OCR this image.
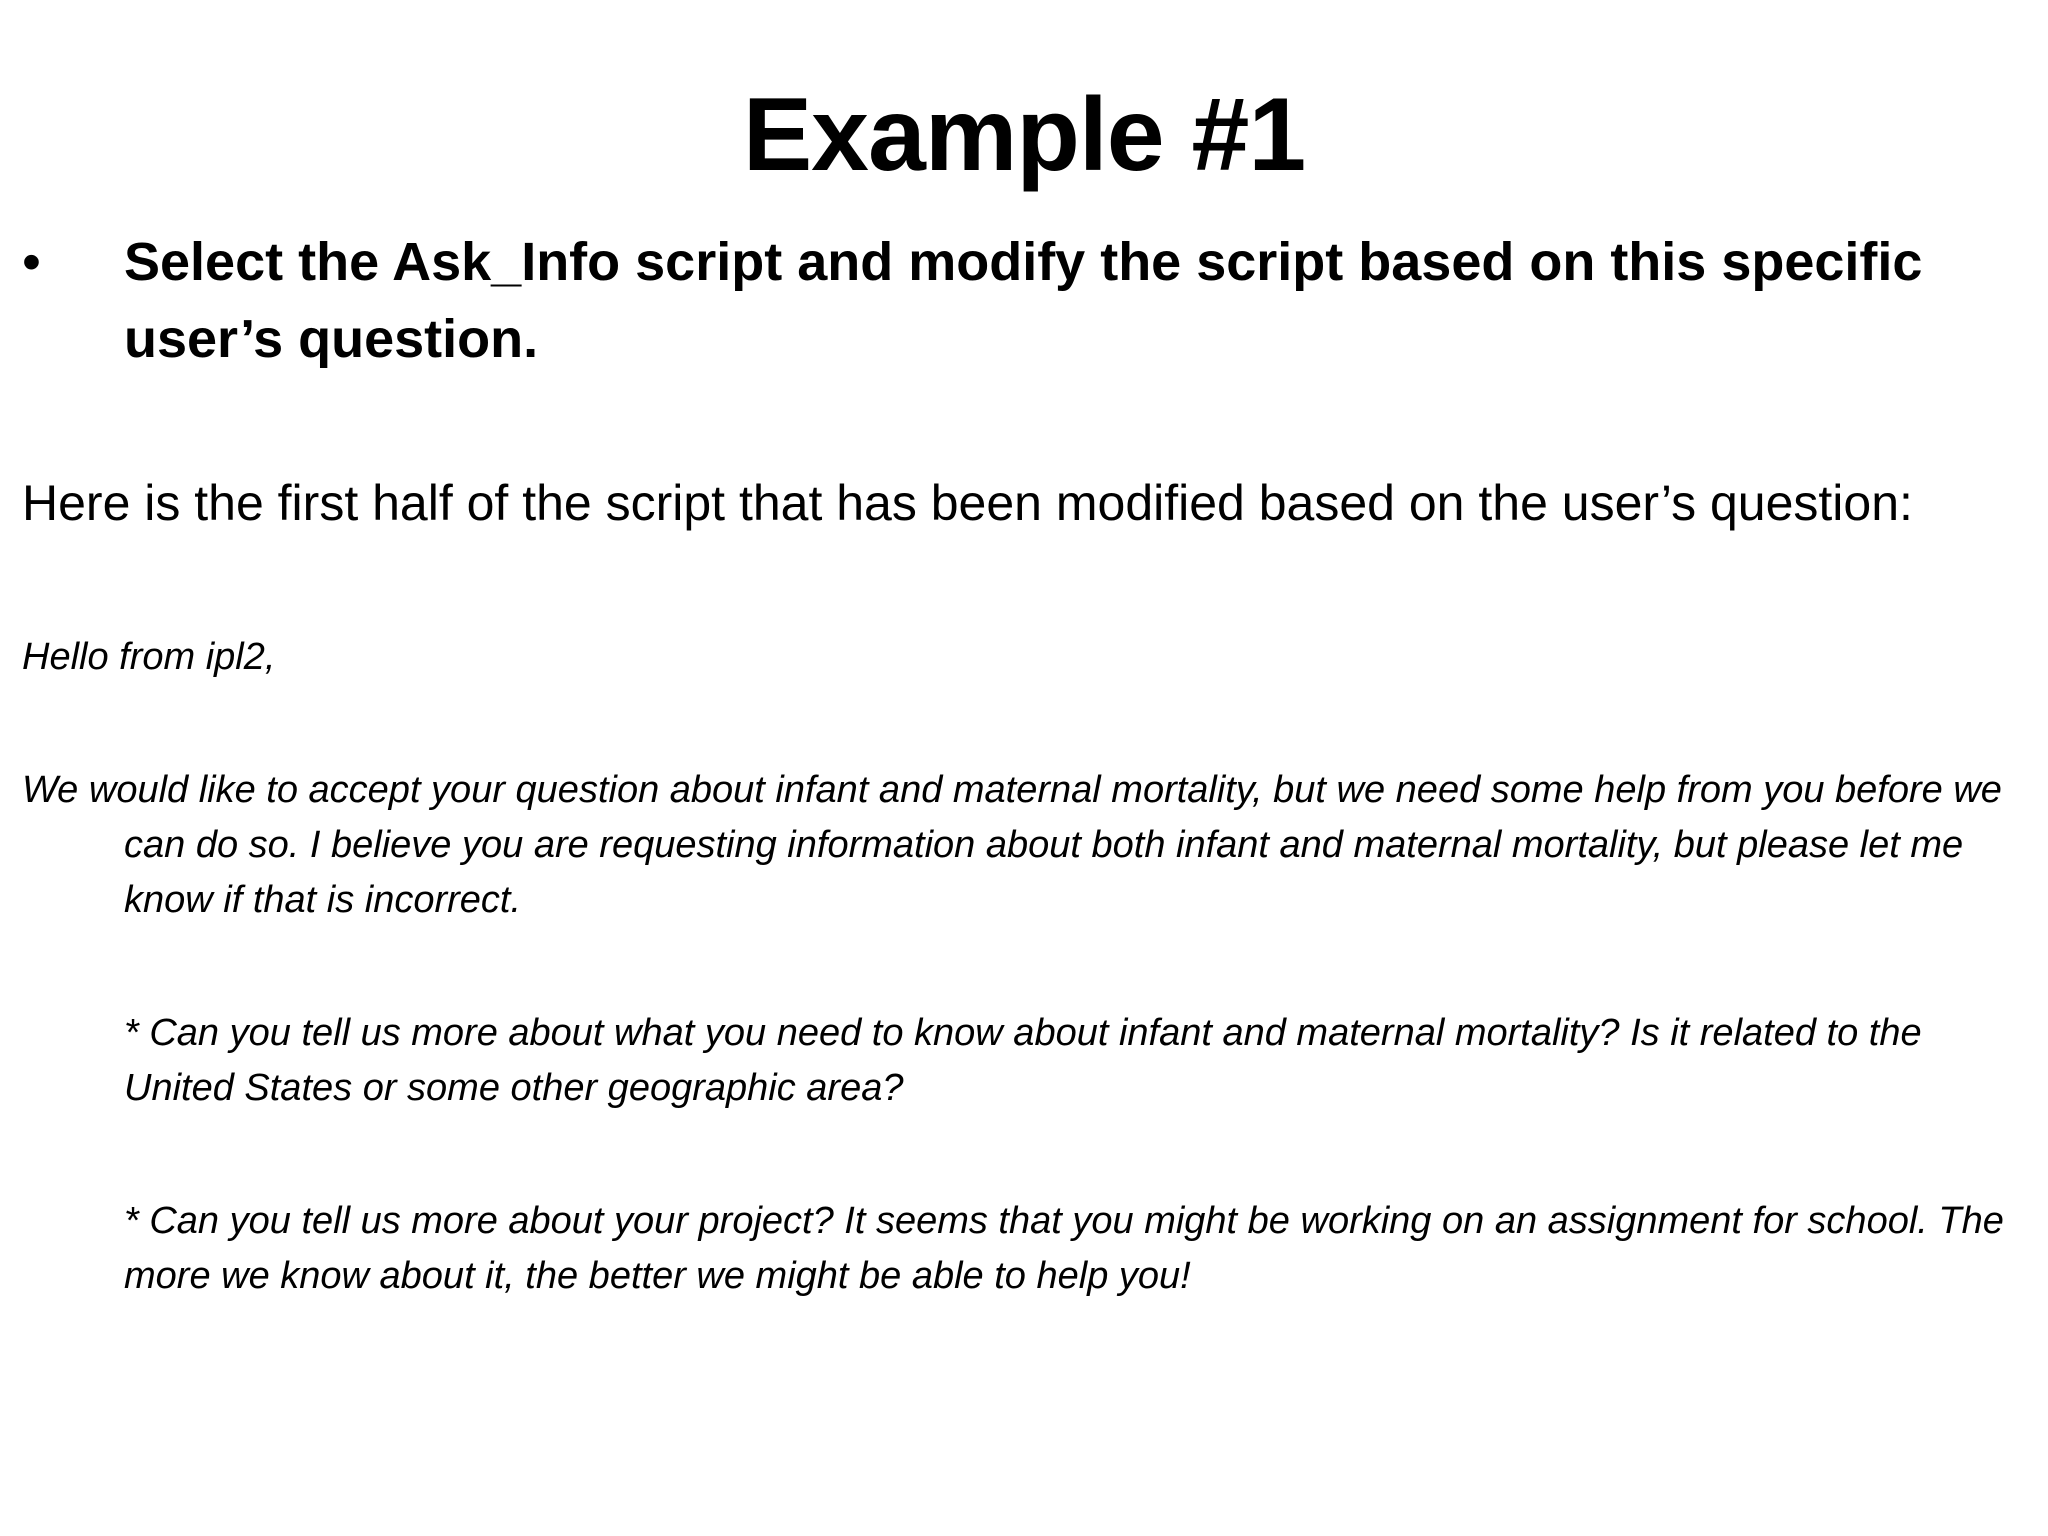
Example #1
• Select the Ask_Info script and modify the script based on this specific user’s question.
Here is the first half of the script that has been modified based on the user’s question:

Hello from ipl2,

We would like to accept your question about infant and maternal mortality, but we need some help from you before we can do so. I believe you are requesting information about both infant and maternal mortality, but please let me know if that is incorrect.

* Can you tell us more about what you need to know about infant and maternal mortality? Is it related to the United States or some other geographic area?

* Can you tell us more about your project? It seems that you might be working on an assignment for school. The more we know about it, the better we might be able to help you!
